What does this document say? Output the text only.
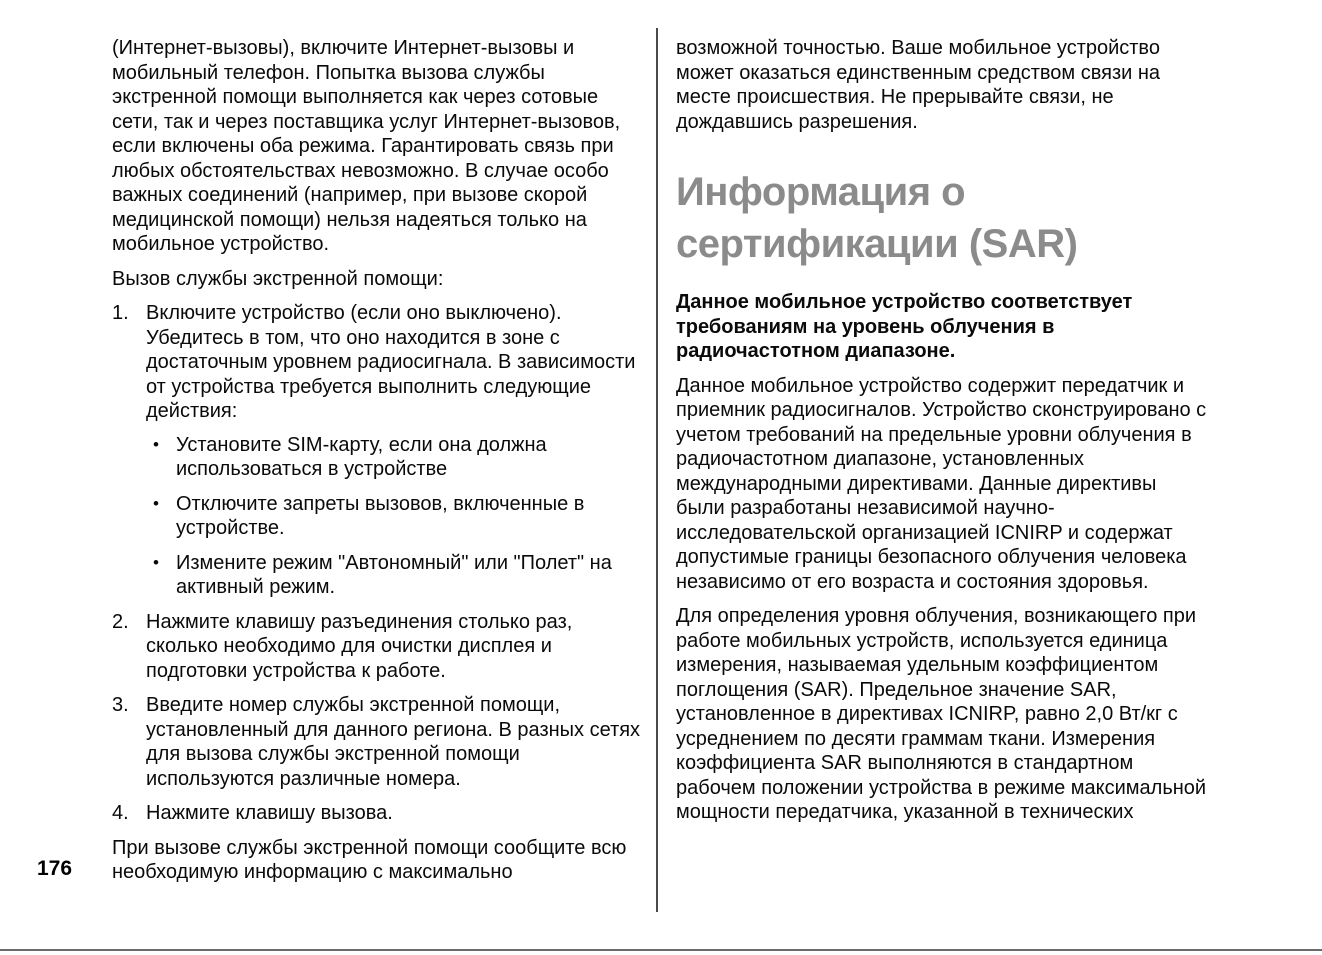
176

(Интернет-вызовы), включите Интернет-вызовы и мобильный телефон. Попытка вызова службы экстренной помощи выполняется как через сотовые сети, так и через поставщика услуг Интернет-вызовов, если включены оба режима. Гарантировать связь при любых обстоятельствах невозможно. В случае особо важных соединений (например, при вызове скорой медицинской помощи) нельзя надеяться только на мобильное устройство.

Вызов службы экстренной помощи:

1. Включите устройство (если оно выключено). Убедитесь в том, что оно находится в зоне с достаточным уровнем радиосигнала. В зависимости от устройства требуется выполнить следующие действия:
• Установите SIM-карту, если она должна использоваться в устройстве
• Отключите запреты вызовов, включенные в устройстве.
• Измените режим "Автономный" или "Полет" на активный режим.
2. Нажмите клавишу разъединения столько раз, сколько необходимо для очистки дисплея и подготовки устройства к работе.
3. Введите номер службы экстренной помощи, установленный для данного региона. В разных сетях для вызова службы экстренной помощи используются различные номера.
4. Нажмите клавишу вызова.

При вызове службы экстренной помощи сообщите всю необходимую информацию с максимально

возможной точностью. Ваше мобильное устройство может оказаться единственным средством связи на месте происшествия. Не прерывайте связи, не дождавшись разрешения.

Информация о сертификации (SAR)

Данное мобильное устройство соответствует требованиям на уровень облучения в радиочастотном диапазоне.

Данное мобильное устройство содержит передатчик и приемник радиосигналов. Устройство сконструировано с учетом требований на предельные уровни облучения в радиочастотном диапазоне, установленных международными директивами. Данные директивы были разработаны независимой научно-исследовательской организацией ICNIRP и содержат допустимые границы безопасного облучения человека независимо от его возраста и состояния здоровья.

Для определения уровня облучения, возникающего при работе мобильных устройств, используется единица измерения, называемая удельным коэффициентом поглощения (SAR). Предельное значение SAR, установленное в директивах ICNIRP, равно 2,0 Вт/кг с усреднением по десяти граммам ткани. Измерения коэффициента SAR выполняются в стандартном рабочем положении устройства в режиме максимальной мощности передатчика, указанной в технических
